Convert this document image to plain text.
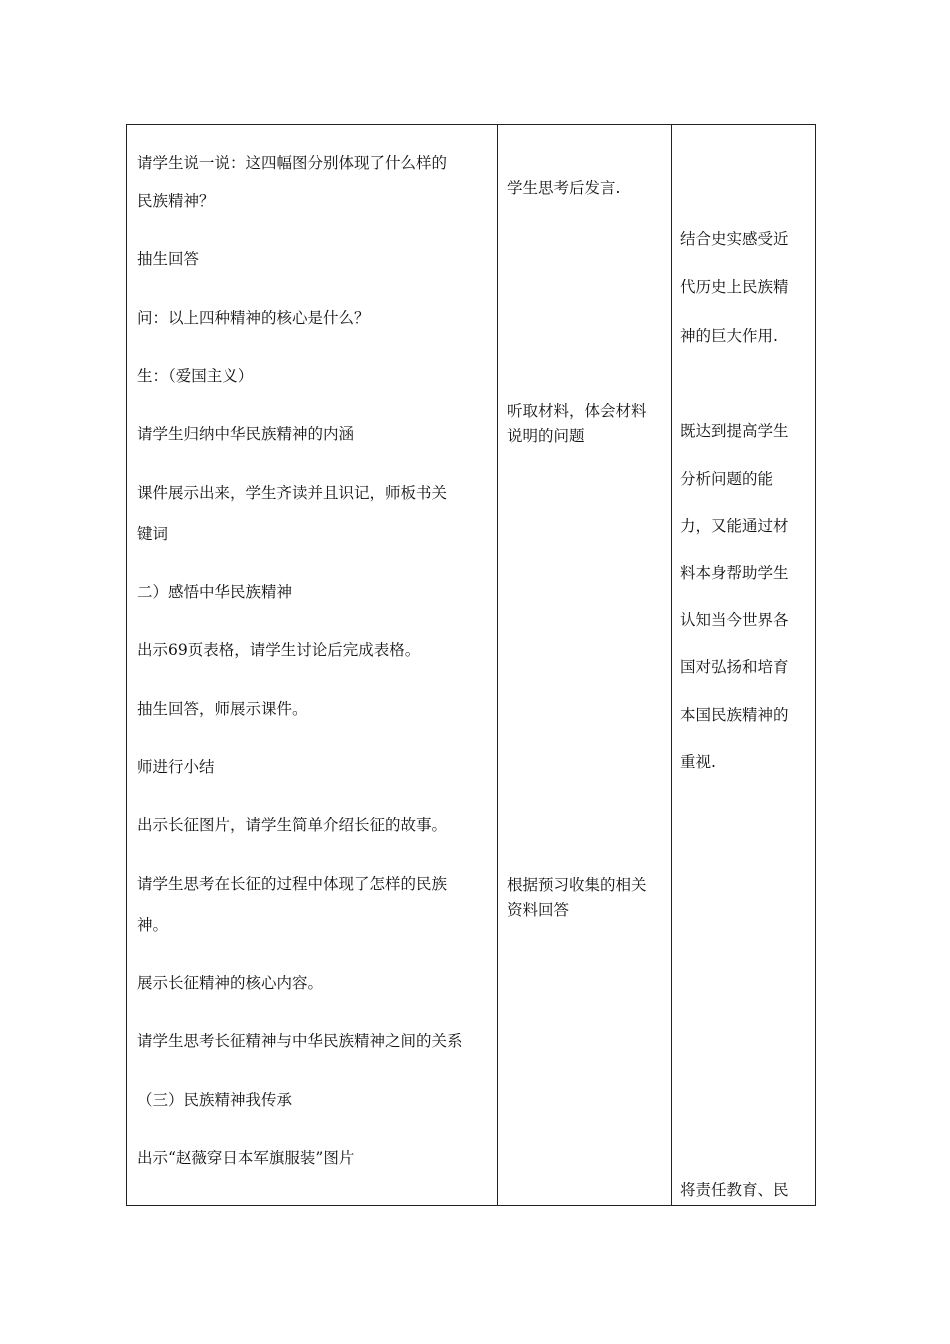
请学生说一说：这四幅图分别体现了什么样的
民族精神？
抽生回答
问：以上四种精神的核心是什么？
生：（爱国主义）
请学生归纳中华民族精神的内涵
课件展示出来，学生齐读并且识记，师板书关
键词
二）感悟中华民族精神
出示69页表格，请学生讨论后完成表格。
抽生回答，师展示课件。
师进行小结
出示长征图片，请学生简单介绍长征的故事。
请学生思考在长征的过程中体现了怎样的民族
神。
展示长征精神的核心内容。
请学生思考长征精神与中华民族精神之间的关系
（三）民族精神我传承
出示“赵薇穿日本军旗服装”图片
学生思考后发言.
听取材料，体会材料
说明的问题
根据预习收集的相关
资料回答
结合史实感受近
代历史上民族精
神的巨大作用.
既达到提高学生
分析问题的能
力，又能通过材
料本身帮助学生
认知当今世界各
国对弘扬和培育
本国民族精神的
重视.
将责任教育、民
